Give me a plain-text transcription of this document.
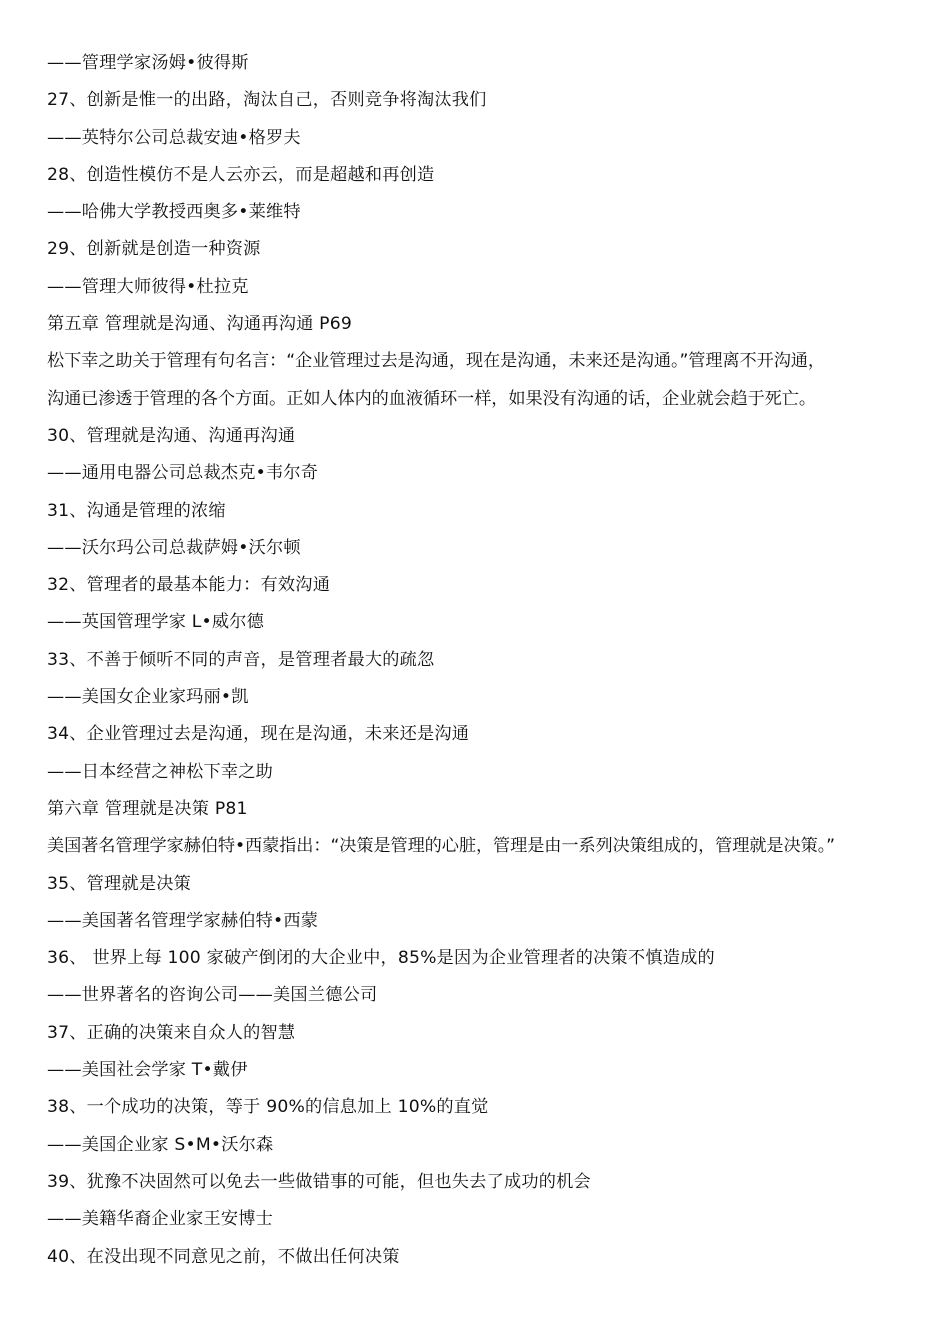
——管理学家汤姆•彼得斯
27、创新是惟一的出路，淘汰自己，否则竞争将淘汰我们
——英特尔公司总裁安迪•格罗夫
28、创造性模仿不是人云亦云，而是超越和再创造
——哈佛大学教授西奥多•莱维特
29、创新就是创造一种资源
——管理大师彼得•杜拉克
第五章 管理就是沟通、沟通再沟通 P69
松下幸之助关于管理有句名言：“企业管理过去是沟通，现在是沟通，未来还是沟通。”管理离不开沟通，
沟通已渗透于管理的各个方面。正如人体内的血液循环一样，如果没有沟通的话，企业就会趋于死亡。
30、管理就是沟通、沟通再沟通
——通用电器公司总裁杰克•韦尔奇
31、沟通是管理的浓缩
——沃尔玛公司总裁萨姆•沃尔顿
32、管理者的最基本能力：有效沟通
——英国管理学家 L•威尔德
33、不善于倾听不同的声音，是管理者最大的疏忽
——美国女企业家玛丽•凯
34、企业管理过去是沟通，现在是沟通，未来还是沟通
——日本经营之神松下幸之助
第六章 管理就是决策 P81
美国著名管理学家赫伯特•西蒙指出：“决策是管理的心脏，管理是由一系列决策组成的，管理就是决策。”
35、管理就是决策
——美国著名管理学家赫伯特•西蒙
36、 世界上每 100 家破产倒闭的大企业中，85%是因为企业管理者的决策不慎造成的
——世界著名的咨询公司——美国兰德公司
37、正确的决策来自众人的智慧
——美国社会学家 T•戴伊
38、一个成功的决策，等于 90%的信息加上 10%的直觉
——美国企业家 S•M•沃尔森
39、犹豫不决固然可以免去一些做错事的可能，但也失去了成功的机会
——美籍华裔企业家王安博士
40、在没出现不同意见之前，不做出任何决策
